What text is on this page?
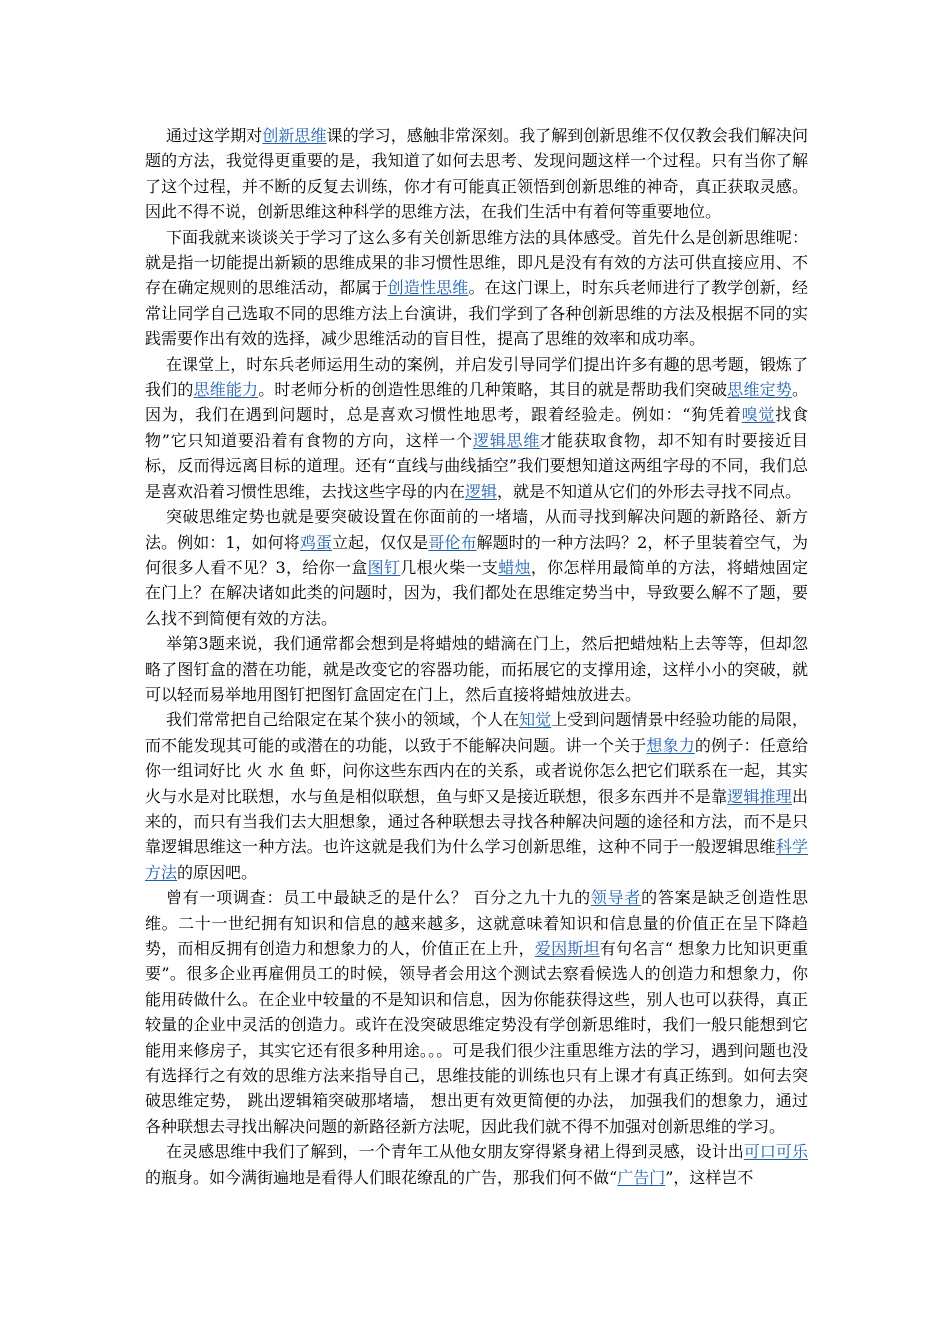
通过这学期对创新思维课的学习，感触非常深刻。我了解到创新思维不仅仅教会我们解决问题的方法，我觉得更重要的是，我知道了如何去思考、发现问题这样一个过程。只有当你了解了这个过程，并不断的反复去训练，你才有可能真正领悟到创新思维的神奇，真正获取灵感。因此不得不说，创新思维这种科学的思维方法，在我们生活中有着何等重要地位。

下面我就来谈谈关于学习了这么多有关创新思维方法的具体感受。首先什么是创新思维呢：就是指一切能提出新颖的思维成果的非习惯性思维，即凡是没有有效的方法可供直接应用、不存在确定规则的思维活动，都属于创造性思维。在这门课上，时东兵老师进行了教学创新，经常让同学自己选取不同的思维方法上台演讲，我们学到了各种创新思维的方法及根据不同的实践需要作出有效的选择，减少思维活动的盲目性，提高了思维的效率和成功率。

在课堂上，时东兵老师运用生动的案例，并启发引导同学们提出许多有趣的思考题，锻炼了我们的思维能力。时老师分析的创造性思维的几种策略，其目的就是帮助我们突破思维定势。因为，我们在遇到问题时，总是喜欢习惯性地思考，跟着经验走。例如：“狗凭着嗅觉找食物”它只知道要沿着有食物的方向，这样一个逻辑思维才能获取食物，却不知有时要接近目标，反而得远离目标的道理。还有“直线与曲线插空”我们要想知道这两组字母的不同，我们总是喜欢沿着习惯性思维，去找这些字母的内在逻辑，就是不知道从它们的外形去寻找不同点。

突破思维定势也就是要突破设置在你面前的一堵墙，从而寻找到解决问题的新路径、新方法。例如：1，如何将鸡蛋立起，仅仅是哥伦布解题时的一种方法吗？2，杯子里装着空气，为何很多人看不见？3，给你一盒图钉几根火柴一支蜡烛，你怎样用最简单的方法，将蜡烛固定在门上？在解决诸如此类的问题时，因为，我们都处在思维定势当中，导致要么解不了题，要么找不到简便有效的方法。

举第3题来说，我们通常都会想到是将蜡烛的蜡滴在门上，然后把蜡烛粘上去等等，但却忽略了图钉盒的潜在功能，就是改变它的容器功能，而拓展它的支撑用途，这样小小的突破，就可以轻而易举地用图钉把图钉盒固定在门上，然后直接将蜡烛放进去。

我们常常把自己给限定在某个狭小的领域，个人在知觉上受到问题情景中经验功能的局限，而不能发现其可能的或潜在的功能，以致于不能解决问题。讲一个关于想象力的例子：任意给你一组词好比 火 水 鱼 虾，问你这些东西内在的关系，或者说你怎么把它们联系在一起，其实火与水是对比联想，水与鱼是相似联想，鱼与虾又是接近联想，很多东西并不是靠逻辑推理出来的，而只有当我们去大胆想象，通过各种联想去寻找各种解决问题的途径和方法，而不是只靠逻辑思维这一种方法。也许这就是我们为什么学习创新思维，这种不同于一般逻辑思维科学方法的原因吧。

曾有一项调查：员工中最缺乏的是什么？ 百分之九十九的领导者的答案是缺乏创造性思维。二十一世纪拥有知识和信息的越来越多，这就意味着知识和信息量的价值正在呈下降趋势，而相反拥有创造力和想象力的人，价值正在上升，爱因斯坦有句名言“ 想象力比知识更重要”。很多企业再雇佣员工的时候，领导者会用这个测试去察看候选人的创造力和想象力，你能用砖做什么。在企业中较量的不是知识和信息，因为你能获得这些，别人也可以获得，真正较量的企业中灵活的创造力。或许在没突破思维定势没有学创新思维时，我们一般只能想到它能用来修房子，其实它还有很多种用途。。。可是我们很少注重思维方法的学习，遇到问题也没有选择行之有效的思维方法来指导自己，思维技能的训练也只有上课才有真正练到。如何去突破思维定势， 跳出逻辑箱突破那堵墙， 想出更有效更简便的办法， 加强我们的想象力，通过各种联想去寻找出解决问题的新路径新方法呢，因此我们就不得不加强对创新思维的学习。

在灵感思维中我们了解到，一个青年工从他女朋友穿得紧身裙上得到灵感，设计出可口可乐的瓶身。如今满街遍地是看得人们眼花缭乱的广告，那我们何不做“广告门”，这样岂不
